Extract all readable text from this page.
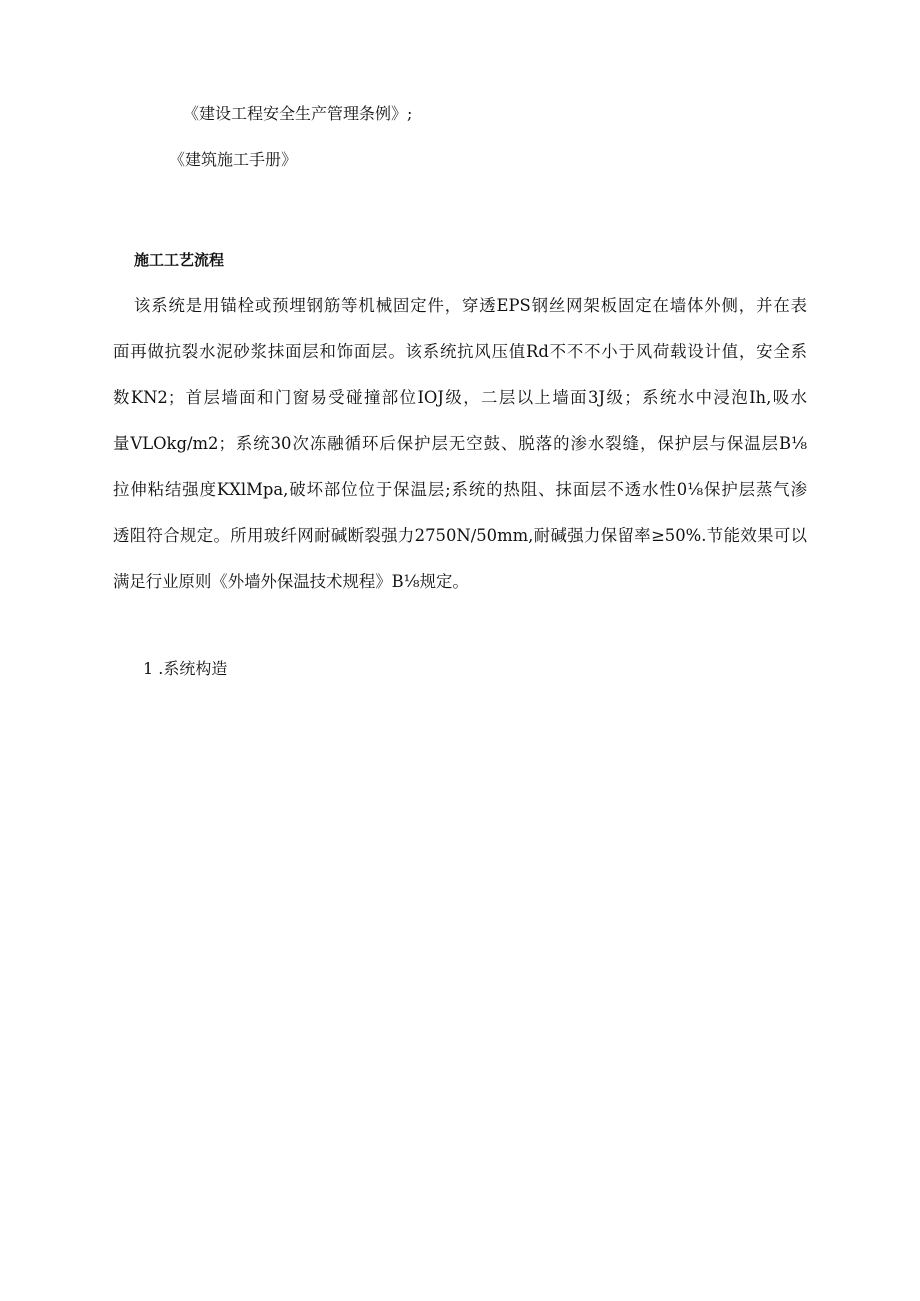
《建设工程安全生产管理条例》;
《建筑施工手册》
施工工艺流程
该系统是用锚栓或预埋钢筋等机械固定件，穿透EPS钢丝网架板固定在墙体外侧，并在表
面再做抗裂水泥砂浆抹面层和饰面层。该系统抗风压值Rd不不不小于风荷载设计值，安全系
数KN2；首层墙面和门窗易受碰撞部位IOJ级，二层以上墙面3J级；系统水中浸泡Ih,吸水
量VLOkg/m2；系统30次冻融循环后保护层无空鼓、脱落的渗水裂缝，保护层与保温层B⅛
拉伸粘结强度KXlMpa,破坏部位位于保温层;系统的热阻、抹面层不透水性0⅛保护层蒸气渗
透阻符合规定。所用玻纤网耐碱断裂强力2750N∕50mm,耐碱强力保留率≥50%.节能效果可以
满足行业原则《外墙外保温技术规程》B⅛规定。
1 .系统构造
